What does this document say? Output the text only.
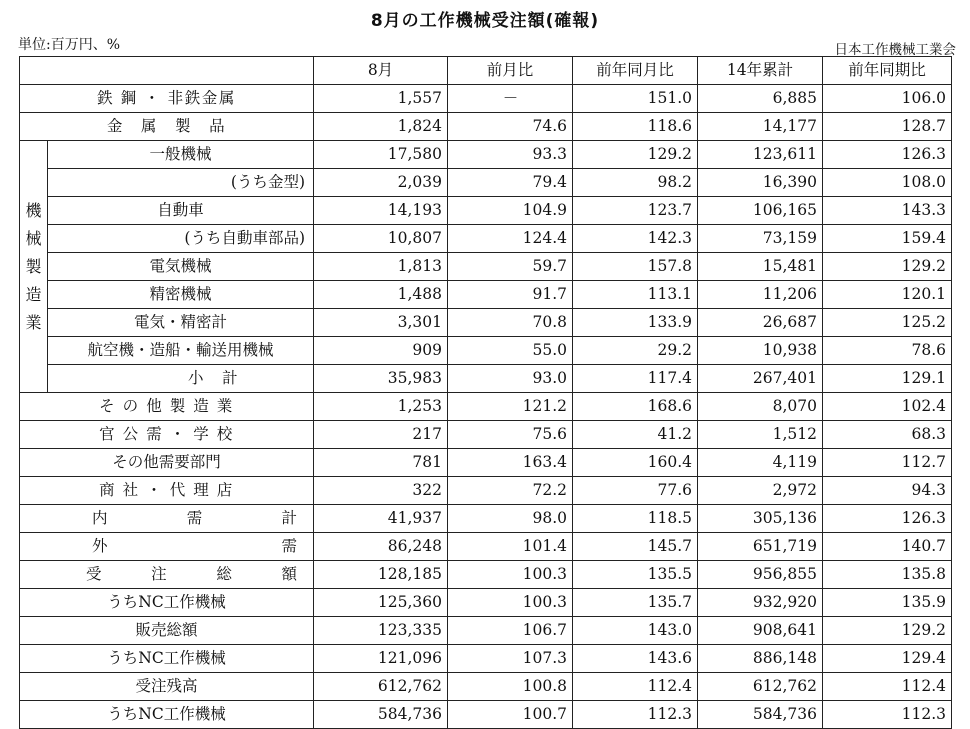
8月の工作機械受注額(確報)
単位:百万円、%	日本工作機械工業会
		8月	前月比	前年同月比	14年累計	前年同期比
鉄 鋼 ・ 非鉄金属		1,557	－	151.0	6,885	106.0
金　属　製　品		1,824	74.6	118.6	14,177	128.7

機
械
製
造
業	一般機械	17,580	93.3	129.2	123,611	126.3
	(うち金型)	2,039	79.4	98.2	16,390	108.0
	自動車	14,193	104.9	123.7	106,165	143.3
	(うち自動車部品)	10,807	124.4	142.3	73,159	159.4
	電気機械	1,813	59.7	157.8	15,481	129.2
	精密機械	1,488	91.7	113.1	11,206	120.1
	電気・精密計	3,301	70.8	133.9	26,687	125.2
	航空機・造船・輸送用機械	909	55.0	29.2	10,938	78.6
	小　計	35,983	93.0	117.4	267,401	129.1
そ の 他 製 造 業		1,253	121.2	168.6	8,070	102.4
官 公 需 ・ 学 校		217	75.6	41.2	1,512	68.3
その他需要部門		781	163.4	160.4	4,119	112.7
商 社 ・ 代 理 店		322	72.2	77.6	2,972	94.3

内 需 計		41,937	98.0	118.5	305,136	126.3

外 需		86,248	101.4	145.7	651,719	140.7

受 注 総 額		128,185	100.3	135.5	956,855	135.8
うちNC工作機械		125,360	100.3	135.7	932,920	135.9
販売総額		123,335	106.7	143.0	908,641	129.2
うちNC工作機械		121,096	107.3	143.6	886,148	129.4
受注残高		612,762	100.8	112.4	612,762	112.4
うちNC工作機械		584,736	100.7	112.3	584,736	112.3
